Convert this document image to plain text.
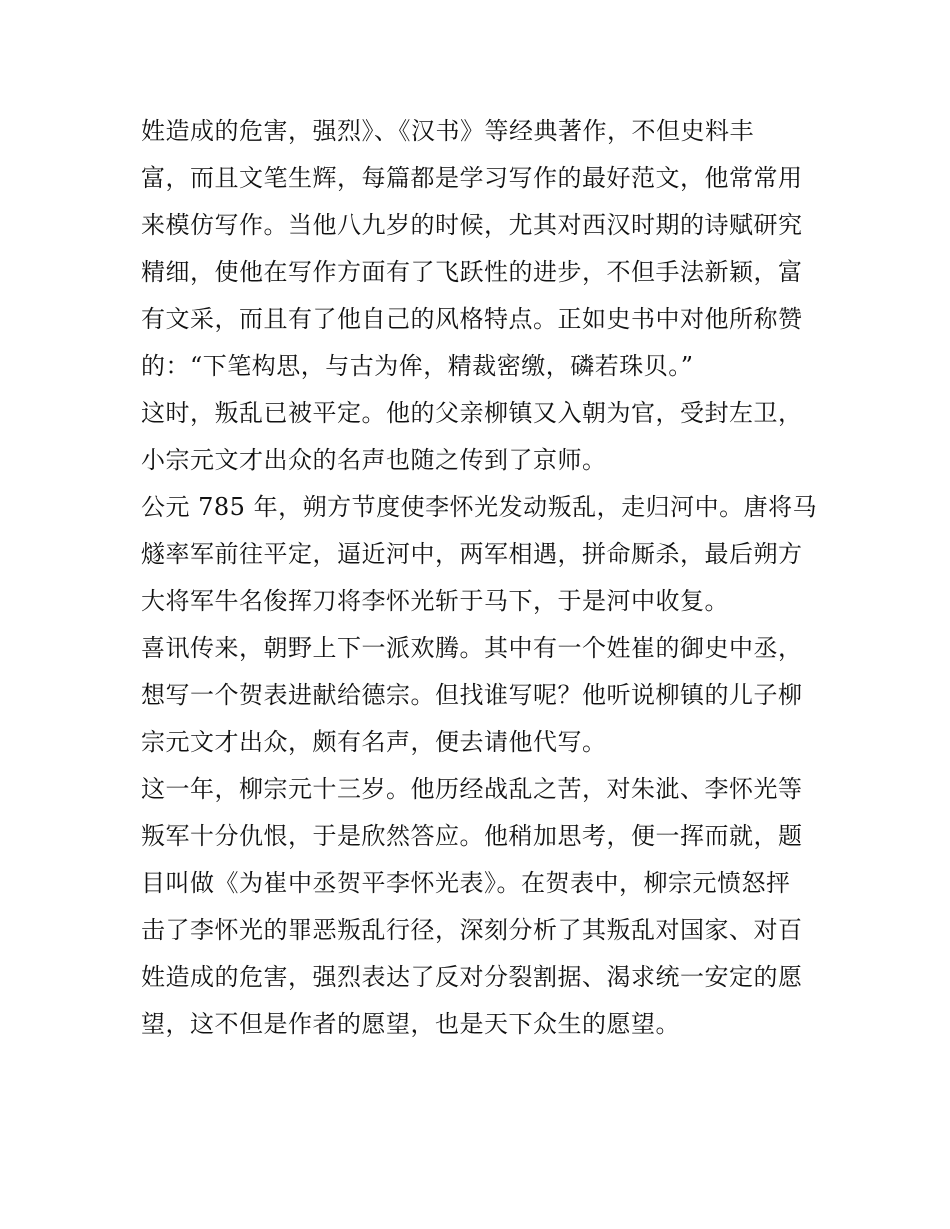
姓造成的危害，强烈》、《汉书》等经典著作，不但史料丰

富，而且文笔生辉，每篇都是学习写作的最好范文，他常常用

来模仿写作。当他八九岁的时候，尤其对西汉时期的诗赋研究

精细，使他在写作方面有了飞跃性的进步，不但手法新颖，富

有文采，而且有了他自己的风格特点。正如史书中对他所称赞

的：“下笔构思，与古为侔，精裁密缴，磷若珠贝。”

这时，叛乱已被平定。他的父亲柳镇又入朝为官，受封左卫，

小宗元文才出众的名声也随之传到了京师。

公元 785 年，朔方节度使李怀光发动叛乱，走归河中。唐将马

燧率军前往平定，逼近河中，两军相遇，拼命厮杀，最后朔方

大将军牛名俊挥刀将李怀光斩于马下，于是河中收复。

喜讯传来，朝野上下一派欢腾。其中有一个姓崔的御史中丞，

想写一个贺表进献给德宗。但找谁写呢？他听说柳镇的儿子柳

宗元文才出众，颇有名声，便去请他代写。

这一年，柳宗元十三岁。他历经战乱之苦，对朱泚、李怀光等

叛军十分仇恨，于是欣然答应。他稍加思考，便一挥而就，题

目叫做《为崔中丞贺平李怀光表》。在贺表中，柳宗元愤怒抨

击了李怀光的罪恶叛乱行径，深刻分析了其叛乱对国家、对百

姓造成的危害，强烈表达了反对分裂割据、渴求统一安定的愿

望，这不但是作者的愿望，也是天下众生的愿望。
